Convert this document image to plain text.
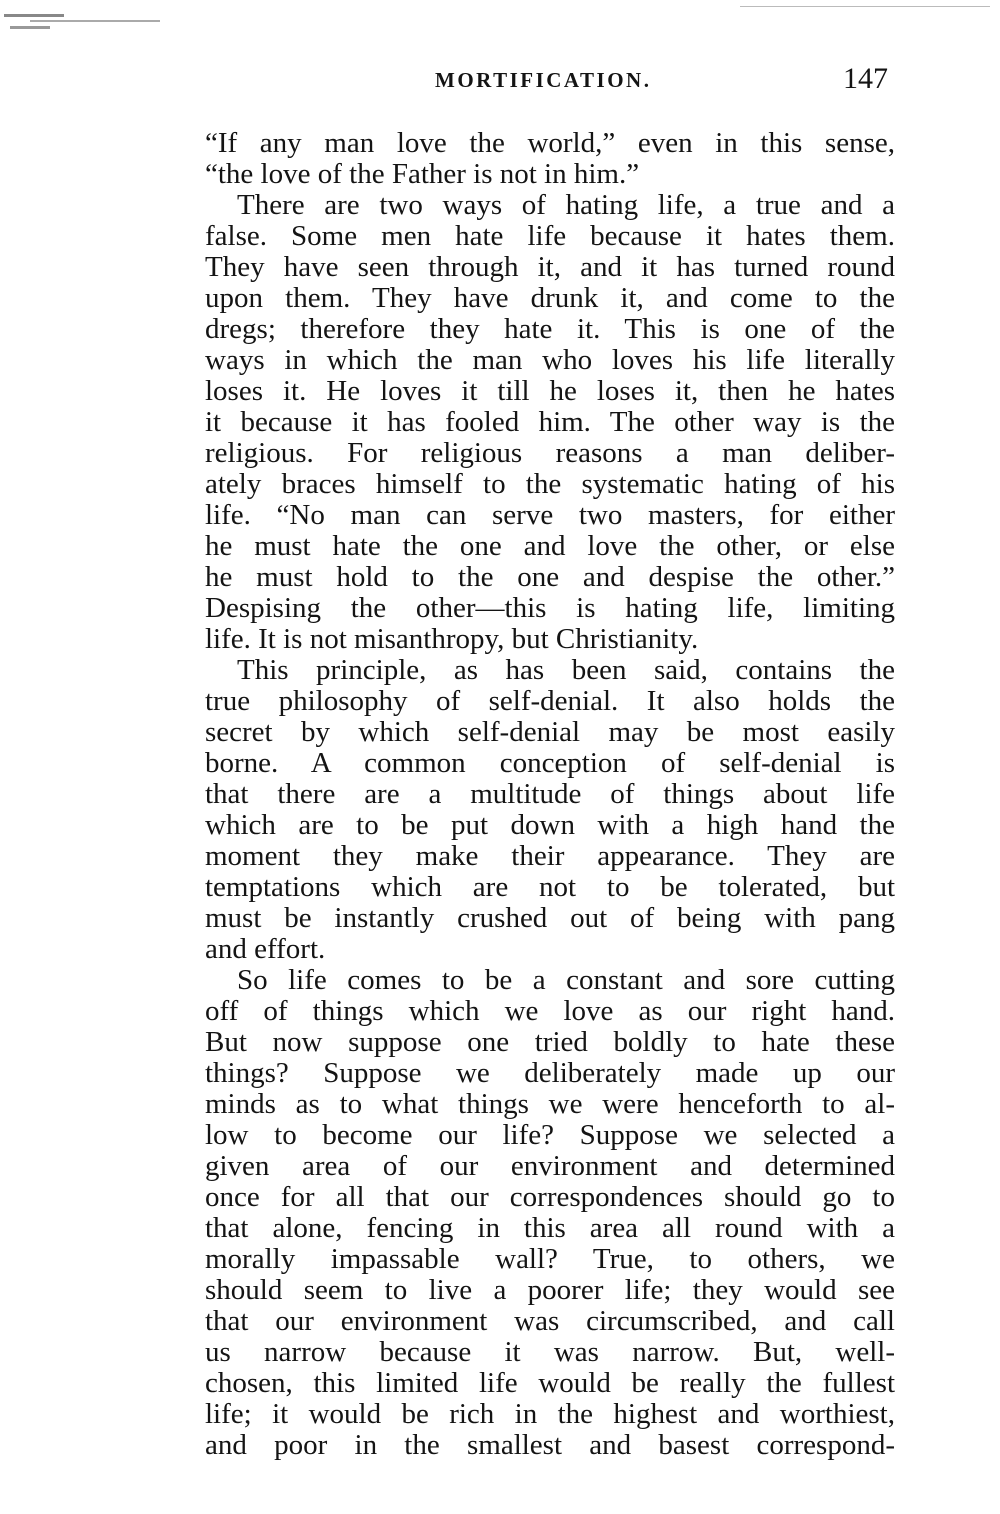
MORTIFICATION.	147
“If any man love the world,” even in this sense,
“the love of the Father is not in him.”
There are two ways of hating life, a true and a
false. Some men hate life because it hates them.
They have seen through it, and it has turned round
upon them. They have drunk it, and come to the
dregs; therefore they hate it. This is one of the
ways in which the man who loves his life literally
loses it. He loves it till he loses it, then he hates
it because it has fooled him. The other way is the
religious. For religious reasons a man deliber-
ately braces himself to the systematic hating of his
life. “No man can serve two masters, for either
he must hate the one and love the other, or else
he must hold to the one and despise the other.”
Despising the other—this is hating life, limiting
life. It is not misanthropy, but Christianity.
This principle, as has been said, contains the
true philosophy of self-denial. It also holds the
secret by which self-denial may be most easily
borne. A common conception of self-denial is
that there are a multitude of things about life
which are to be put down with a high hand the
moment they make their appearance. They are
temptations which are not to be tolerated, but
must be instantly crushed out of being with pang
and effort.
So life comes to be a constant and sore cutting
off of things which we love as our right hand.
But now suppose one tried boldly to hate these
things? Suppose we deliberately made up our
minds as to what things we were henceforth to al-
low to become our life? Suppose we selected a
given area of our environment and determined
once for all that our correspondences should go to
that alone, fencing in this area all round with a
morally impassable wall? True, to others, we
should seem to live a poorer life; they would see
that our environment was circumscribed, and call
us narrow because it was narrow. But, well-
chosen, this limited life would be really the fullest
life; it would be rich in the highest and worthiest,
and poor in the smallest and basest correspond-
